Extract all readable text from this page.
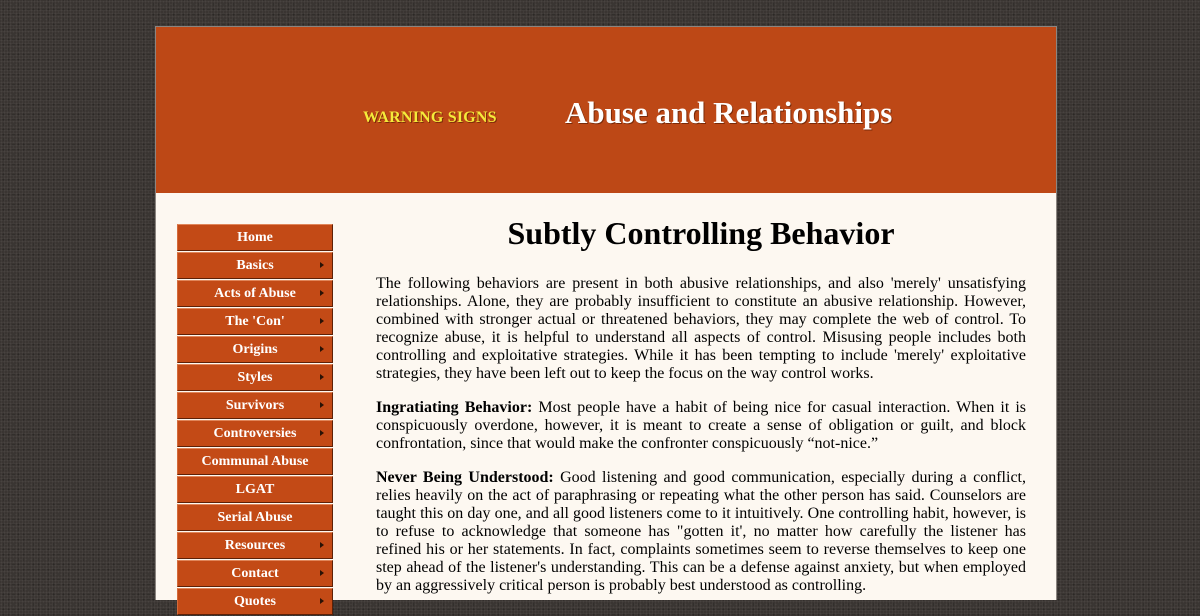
WARNING SIGNS Abuse and Relationships
Home
Basics
Acts of Abuse
The 'Con'
Origins
Styles
Survivors
Controversies
Communal Abuse
LGAT
Serial Abuse
Resources
Contact
Quotes
Subtly Controlling Behavior

The following behaviors are present in both abusive relationships, and also 'merely' unsatisfying relationships. Alone, they are probably insufficient to constitute an abusive relationship. However, combined with stronger actual or threatened behaviors, they may complete the web of control. To recognize abuse, it is helpful to understand all aspects of control. Misusing people includes both controlling and exploitative strategies. While it has been tempting to include 'merely' exploitative strategies, they have been left out to keep the focus on the way control works.

Ingratiating Behavior: Most people have a habit of being nice for casual interaction. When it is conspicuously overdone, however, it is meant to create a sense of obligation or guilt, and block confrontation, since that would make the confronter conspicuously “not-nice.”

Never Being Understood: Good listening and good communication, especially during a conflict, relies heavily on the act of paraphrasing or repeating what the other person has said. Counselors are taught this on day one, and all good listeners come to it intuitively. One controlling habit, however, is to refuse to acknowledge that someone has "gotten it', no matter how carefully the listener has refined his or her statements. In fact, complaints sometimes seem to reverse themselves to keep one step ahead of the listener's understanding. This can be a defense against anxiety, but when employed by an aggressively critical person is probably best understood as controlling.
